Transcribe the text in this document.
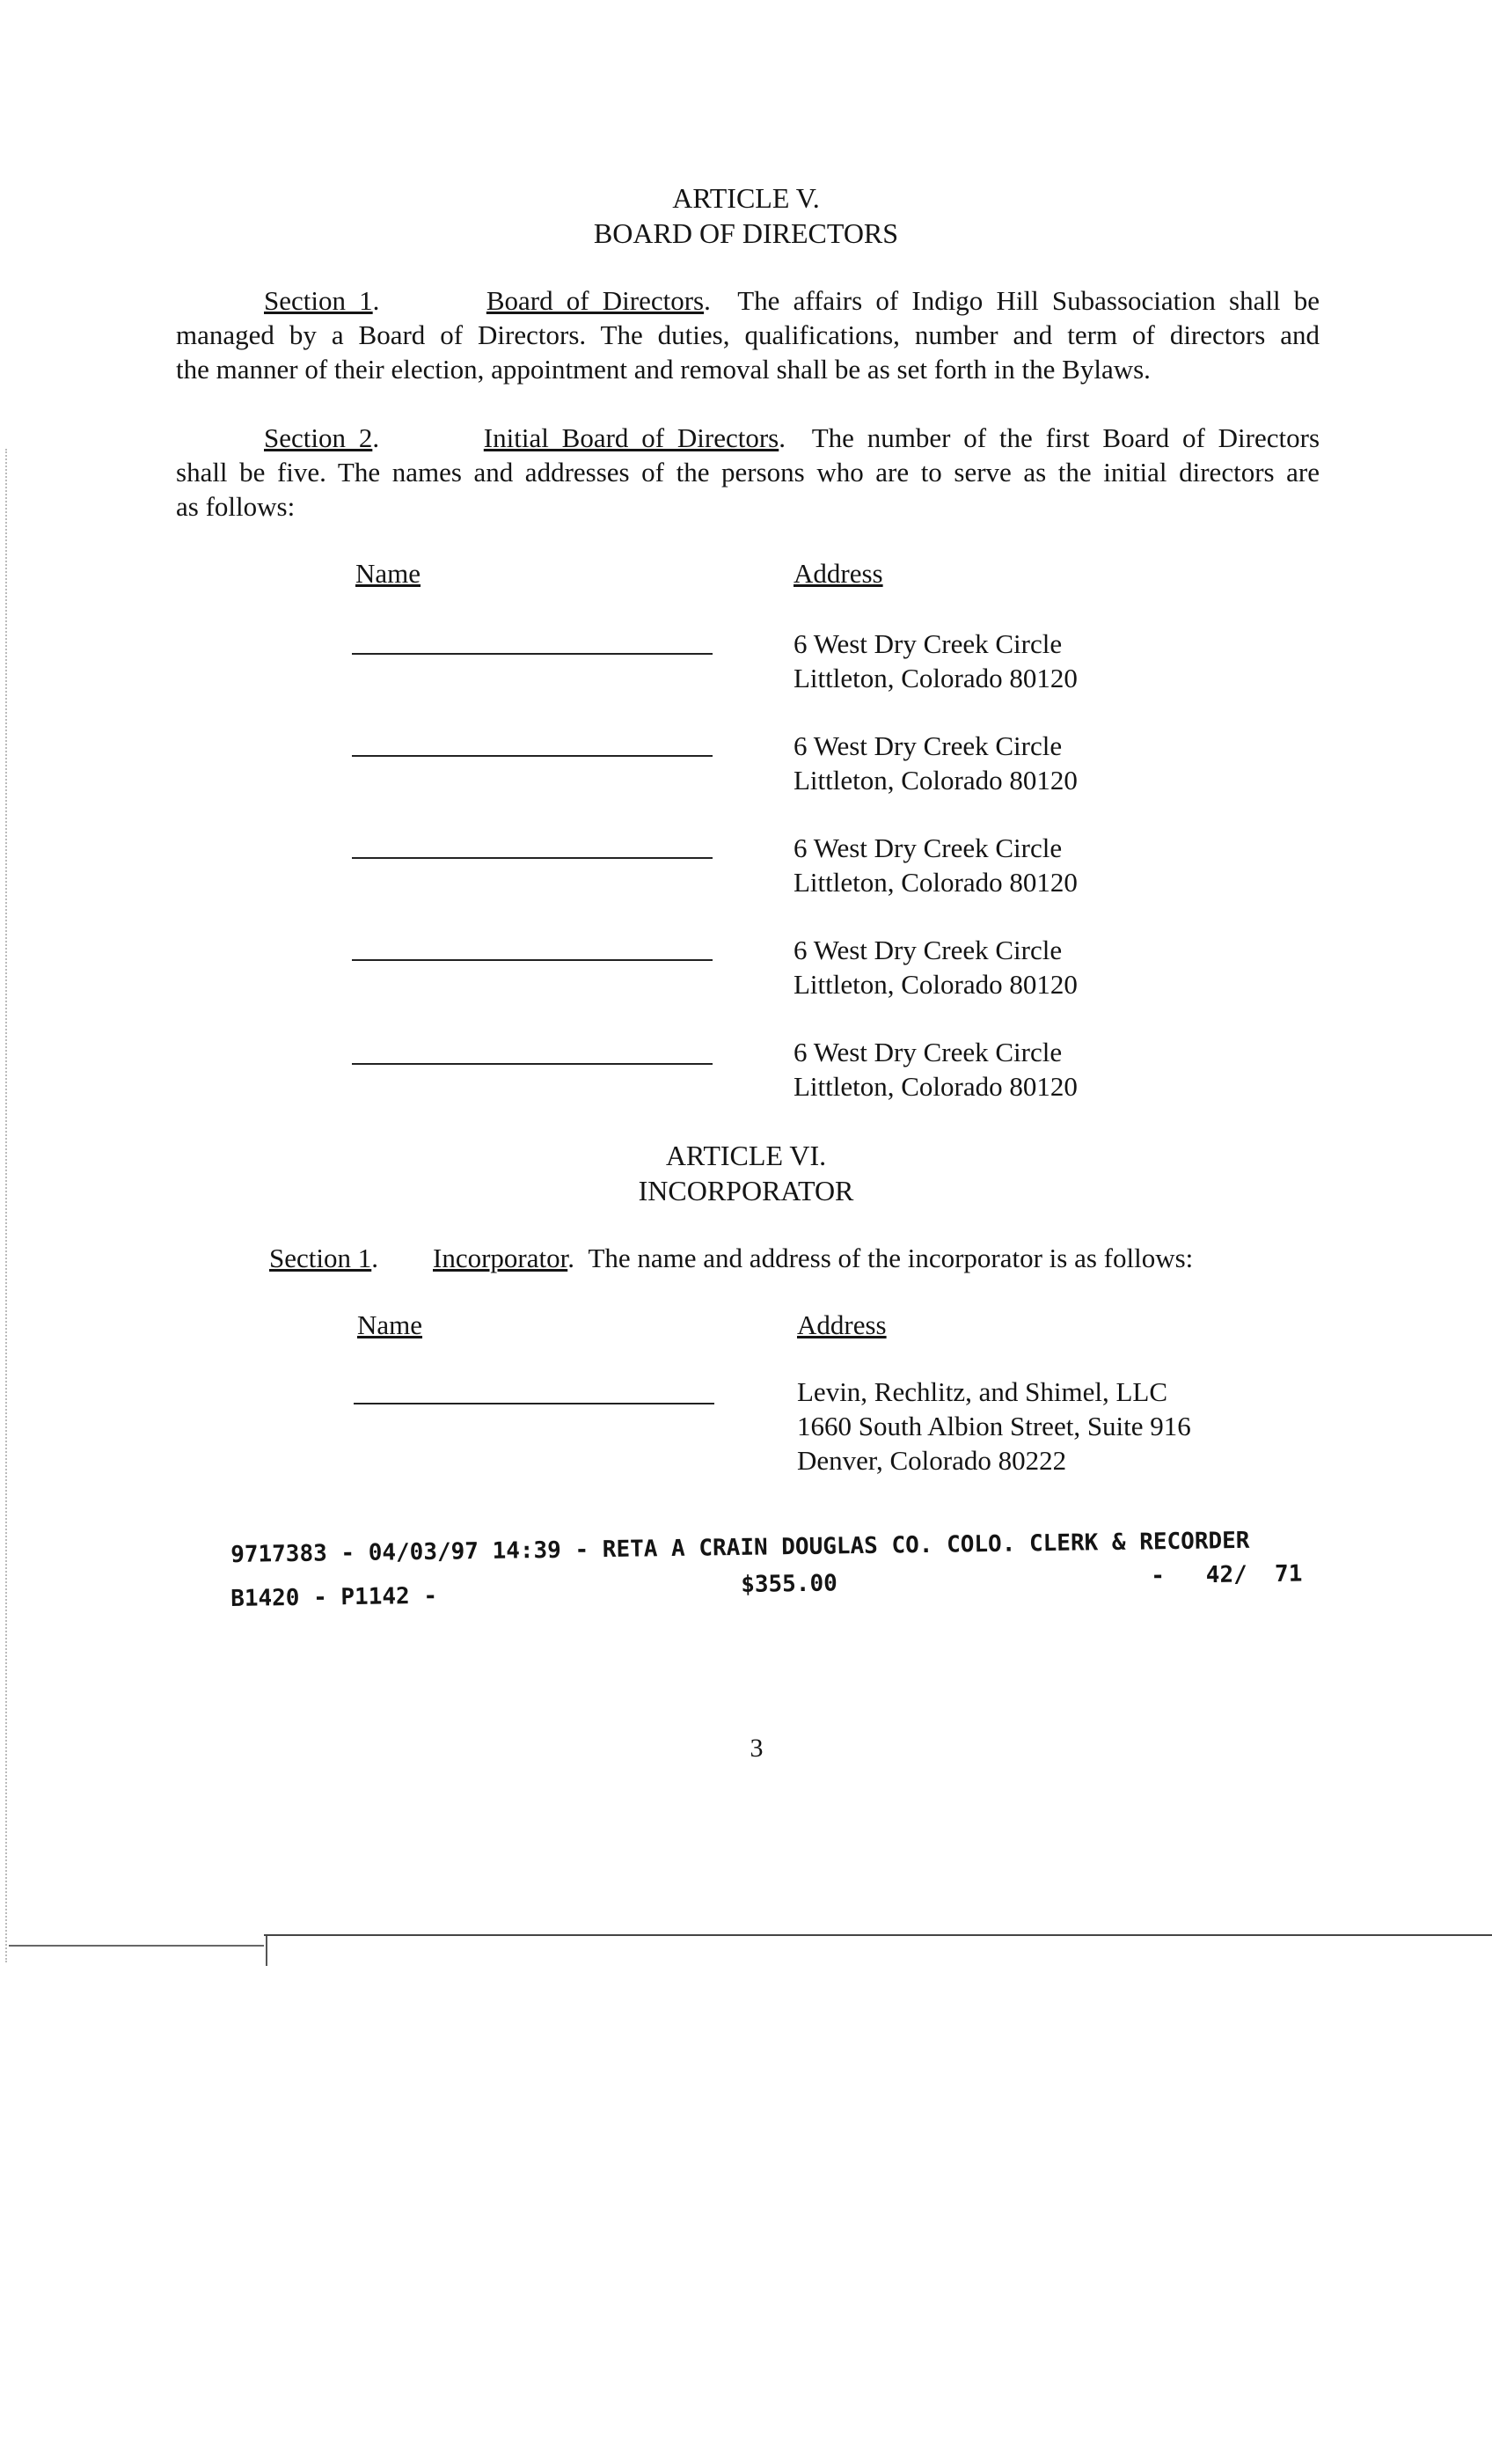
ARTICLE V.
BOARD OF DIRECTORS
Section 1.        Board of Directors.  The affairs of Indigo Hill Subassociation shall be
managed by a Board of Directors. The duties, qualifications, number and term of directors and
the manner of their election, appointment and removal shall be as set forth in the Bylaws.
Section 2.        Initial Board of Directors.  The number of the first Board of Directors
shall be five. The names and addresses of the persons who are to serve as the initial directors are
as follows:
Name	Address
6 West Dry Creek Circle
Littleton, Colorado 80120
6 West Dry Creek Circle
Littleton, Colorado 80120
6 West Dry Creek Circle
Littleton, Colorado 80120
6 West Dry Creek Circle
Littleton, Colorado 80120
6 West Dry Creek Circle
Littleton, Colorado 80120
ARTICLE VI.
INCORPORATOR
Section 1.        Incorporator.  The name and address of the incorporator is as follows:
Name	Address
Levin, Rechlitz, and Shimel, LLC
1660 South Albion Street, Suite 916
Denver, Colorado 80222
9717383 - 04/03/97 14:39 - RETA A CRAIN DOUGLAS CO. COLO. CLERK & RECORDER
B1420 - P1142 -	$355.00	-   42/  71
3
